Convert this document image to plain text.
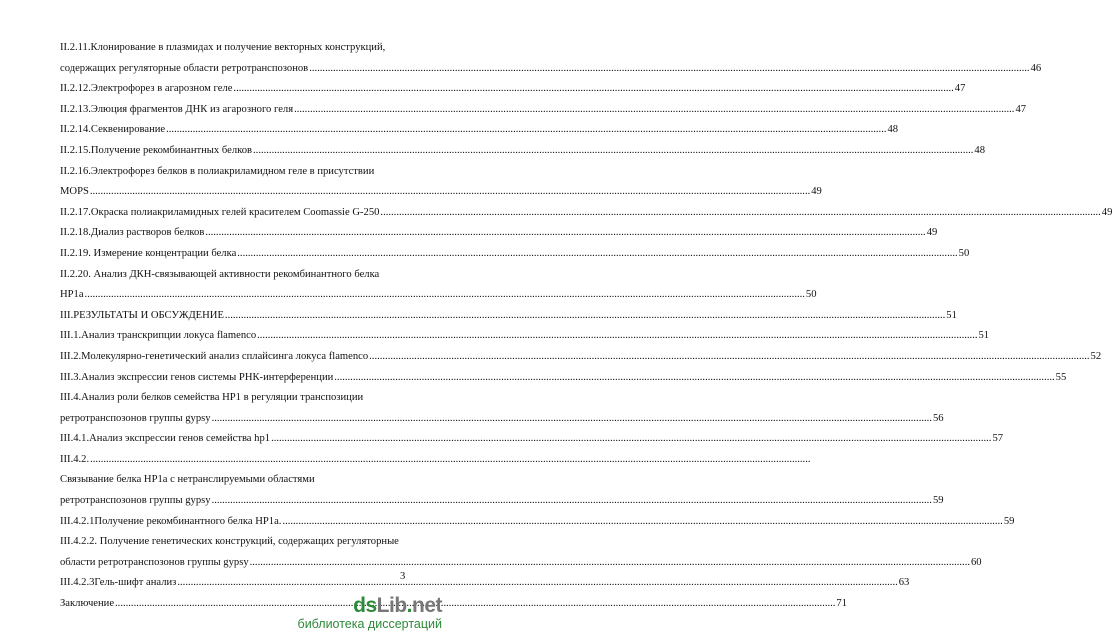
II.2.11.Клонирование в плазмидах и получение векторных конструкций,
содержащих регуляторные области ретротранспозонов .....	46
II.2.12.Электрофорез в агарозном геле .....	47
II.2.13.Элюция фрагментов ДНК из агарозного геля .....	47
II.2.14.Секвенирование .....	48
II.2.15.Получение рекомбинантных белков .....	48
II.2.16.Электрофорез белков в полиакриламидном геле в присутствии
MOPS .....	49
II.2.17.Окраска полиакриламидных гелей красителем Coomassie G-250 .....	49
II.2.18.Диализ растворов белков .....	49
II.2.19. Измерение концентрации белка .....	50
II.2.20. Анализ ДКН-связывающей активности рекомбинантного белка
HP1a .....	50
III.РЕЗУЛЬТАТЫ И ОБСУЖДЕНИЕ .....	51
III.1.Анализ транскрипции локуса flamenco .....	51
III.2.Молекулярно-генетический анализ сплайсинга локуса flamenco .....	52
III.3.Анализ экспрессии генов системы РНК-интерференции .....	55
III.4.Анализ роли белков семейства HP1 в регуляции транспозиции
ретротранспозонов группы gypsy .....	56
III.4.1.Анализ экспрессии генов семейства hp1 .....	57
III.4.2.
.....
Связывание белка HP1a с нетранслируемыми областями
ретротранспозонов группы gypsy .....	59
III.4.2.1Получение рекомбинантного белка HP1a. .....	59
III.4.2.2. Получение генетических конструкций, содержащих регуляторные
области ретротранспозонов группы gypsy .....	60
III.4.2.3Гель-шифт анализ .....	63
Заключение .....	71
3
dsLib.net
библиотека диссертаций
